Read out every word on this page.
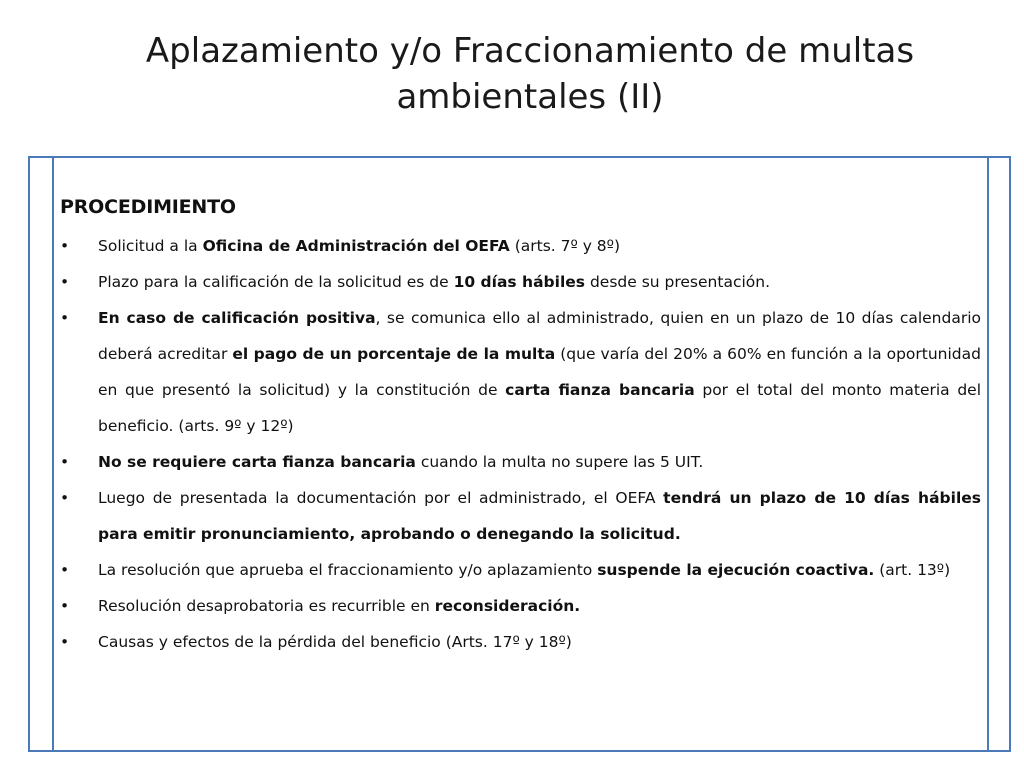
Aplazamiento y/o Fraccionamiento de multas
ambientales (II)
PROCEDIMIENTO
• Solicitud a la Oficina de Administración del OEFA (arts. 7º y 8º)
• Plazo para la calificación de la solicitud es de 10 días hábiles desde su presentación.
• En caso de calificación positiva, se comunica ello al administrado, quien en un plazo de 10 días calendario deberá acreditar el pago de un porcentaje de la multa (que varía del 20% a 60% en función a la oportunidad en que presentó la solicitud) y la constitución de carta fianza bancaria por el total del monto materia del beneficio. (arts. 9º y 12º)
• No se requiere carta fianza bancaria cuando la multa no supere las 5 UIT.
• Luego de presentada la documentación por el administrado, el OEFA tendrá un plazo de 10 días hábiles para emitir pronunciamiento, aprobando o denegando la solicitud.
• La resolución que aprueba el fraccionamiento y/o aplazamiento suspende la ejecución coactiva. (art. 13º)
• Resolución desaprobatoria es recurrible en reconsideración.
• Causas y efectos de la pérdida del beneficio (Arts. 17º y 18º)
